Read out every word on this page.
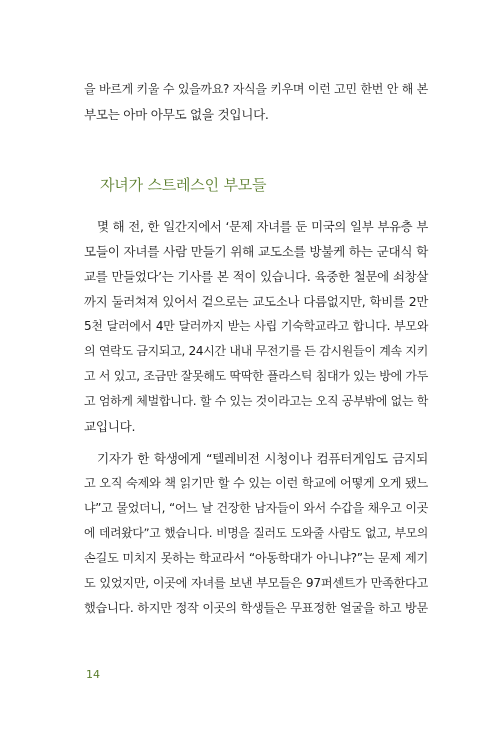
을 바르게 키울 수 있을까요? 자식을 키우며 이런 고민 한번 안 해 본
부모는 아마 아무도 없을 것입니다.
자녀가 스트레스인 부모들
몇 해 전, 한 일간지에서 ‘문제 자녀를 둔 미국의 일부 부유층 부
모들이 자녀를 사람 만들기 위해 교도소를 방불케 하는 군대식 학
교를 만들었다’는 기사를 본 적이 있습니다. 육중한 철문에 쇠창살
까지 둘러쳐져 있어서 겉으로는 교도소나 다름없지만, 학비를 2만
5천 달러에서 4만 달러까지 받는 사립 기숙학교라고 합니다. 부모와
의 연락도 금지되고, 24시간 내내 무전기를 든 감시원들이 계속 지키
고 서 있고, 조금만 잘못해도 딱딱한 플라스틱 침대가 있는 방에 가두
고 엄하게 체벌합니다. 할 수 있는 것이라고는 오직 공부밖에 없는 학
교입니다.
기자가 한 학생에게 “텔레비전 시청이나 컴퓨터게임도 금지되
고 오직 숙제와 책 읽기만 할 수 있는 이런 학교에 어떻게 오게 됐느
냐”고 물었더니, “어느 날 건장한 남자들이 와서 수갑을 채우고 이곳
에 데려왔다”고 했습니다. 비명을 질러도 도와줄 사람도 없고, 부모의
손길도 미치지 못하는 학교라서 “아동학대가 아니냐?”는 문제 제기
도 있었지만, 이곳에 자녀를 보낸 부모들은 97퍼센트가 만족한다고
했습니다. 하지만 정작 이곳의 학생들은 무표정한 얼굴을 하고 방문
14
